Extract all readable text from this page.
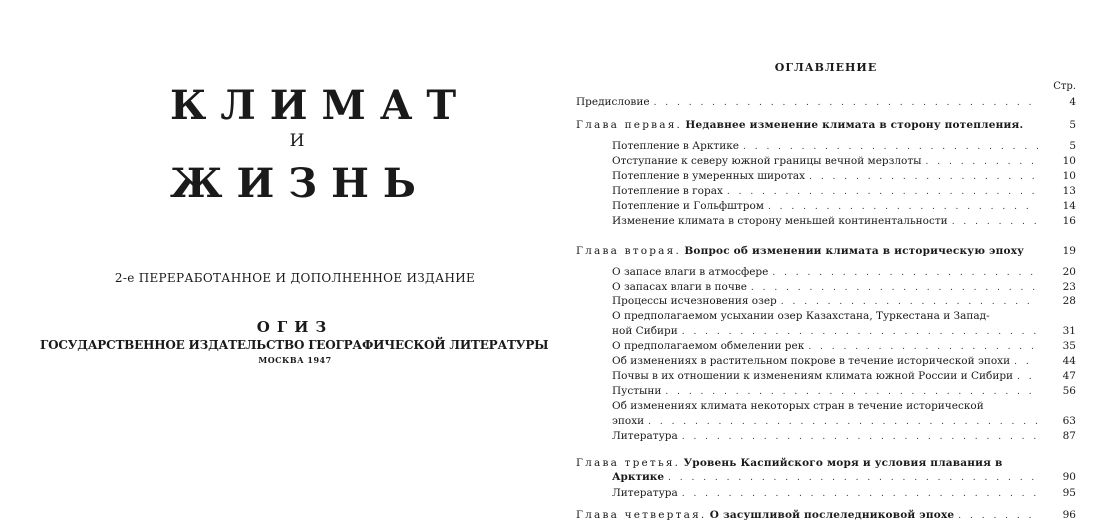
КЛИМАТ
И
ЖИЗНЬ
2-е ПЕРЕРАБОТАННОЕ И ДОПОЛНЕННОЕ ИЗДАНИЕ
ОГИЗ
ГОСУДАРСТВЕННОЕ ИЗДАТЕЛЬСТВО ГЕОГРАФИЧЕСКОЙ ЛИТЕРАТУРЫ
МОСКВА 1947
ОГЛАВЛЕНИЕ
Стр.
Предисловие . . .	4
Глава первая. Недавнее изменение климата в сторону потепления.	5
Потепление в Арктике . . .	5
Отступание к северу южной границы вечной мерзлоты . . .	10
Потепление в умеренных широтах . . .	10
Потепление в горах . . .	13
Потепление и Гольфштром . . .	14
Изменение климата в сторону меньшей континентальности . . .	16
Глава вторая. Вопрос об изменении климата в историческую эпоху	19
О запасе влаги в атмосфере . . .	20
О запасах влаги в почве . . .	23
Процессы исчезновения озер . . .	28
О предполагаемом усыхании озер Казахстана, Туркестана и Запад-
ной Сибири . . .	31
О предполагаемом обмелении рек . . .	35
Об изменениях в растительном покрове в течение исторической эпохи . . .	44
Почвы в их отношении к изменениям климата южной России и Сибири . . .	47
Пустыни . . .	56
Об изменениях климата некоторых стран в течение исторической
эпохи . . .	63
Литература . . .	87
Глава третья. Уровень Каспийского моря и условия плавания в
Арктике . . .	90
Литература . . .	95
Глава четвертая. О засушливой послеледниковой эпохе . . .	96
